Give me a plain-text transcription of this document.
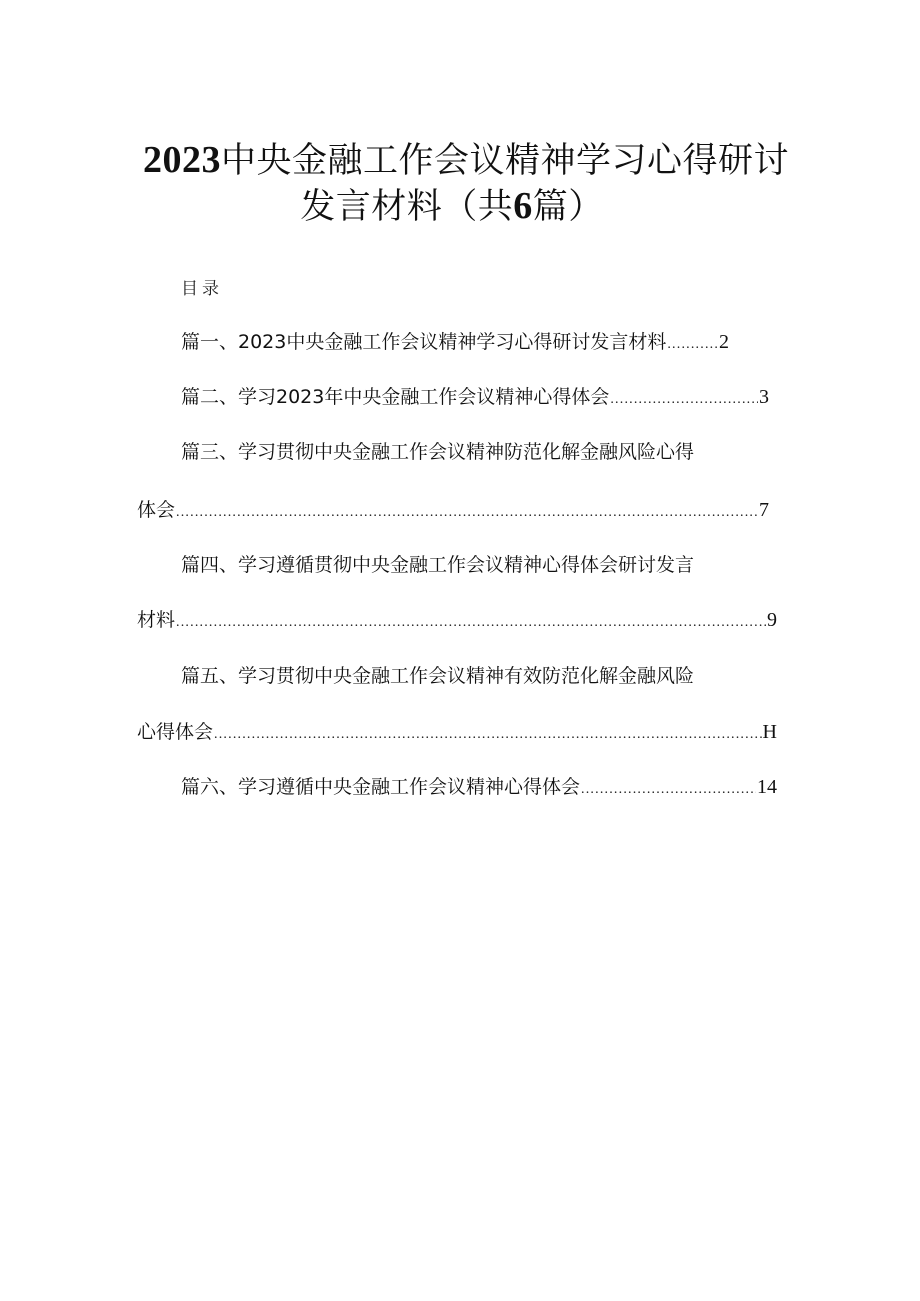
2023中央金融工作会议精神学习心得研讨
发言材料（共6篇）
目录
篇一、2023中央金融工作会议精神学习心得研讨发言材料 .....	2
篇二、学习2023年中央金融工作会议精神心得体会 .....	3
篇三、学习贯彻中央金融工作会议精神防范化解金融风险心得
体会 .....	7
篇四、学习遵循贯彻中央金融工作会议精神心得体会研讨发言
材料 .....	9
篇五、学习贯彻中央金融工作会议精神有效防范化解金融风险
心得体会 .....	H
篇六、学习遵循中央金融工作会议精神心得体会 .....	14
